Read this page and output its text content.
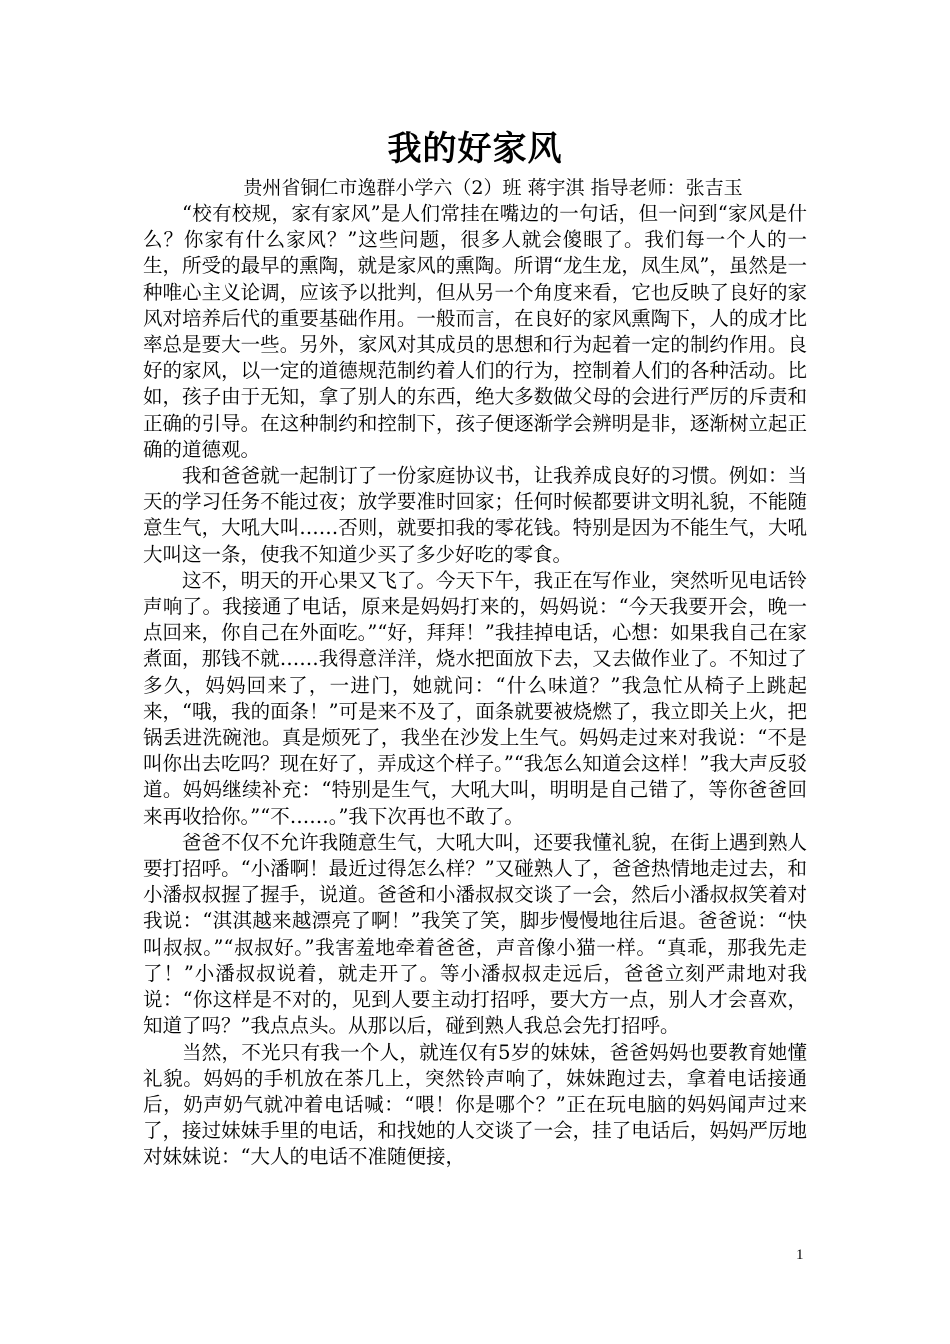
我的好家风
贵州省铜仁市逸群小学六（2）班 蒋宇淇 指导老师：张吉玉

“校有校规，家有家风”是人们常挂在嘴边的一句话，但一问到“家风是什么？你家有什么家风？”这些问题，很多人就会傻眼了。我们每一个人的一生，所受的最早的熏陶，就是家风的熏陶。所谓“龙生龙，凤生凤”，虽然是一种唯心主义论调，应该予以批判，但从另一个角度来看，它也反映了良好的家风对培养后代的重要基础作用。一般而言，在良好的家风熏陶下，人的成才比率总是要大一些。另外，家风对其成员的思想和行为起着一定的制约作用。良好的家风，以一定的道德规范制约着人们的行为，控制着人们的各种活动。比如，孩子由于无知，拿了别人的东西，绝大多数做父母的会进行严厉的斥责和正确的引导。在这种制约和控制下，孩子便逐渐学会辨明是非，逐渐树立起正确的道德观。

我和爸爸就一起制订了一份家庭协议书，让我养成良好的习惯。例如：当天的学习任务不能过夜；放学要准时回家；任何时候都要讲文明礼貌，不能随意生气，大吼大叫……否则，就要扣我的零花钱。特别是因为不能生气，大吼大叫这一条，使我不知道少买了多少好吃的零食。

这不，明天的开心果又飞了。今天下午，我正在写作业，突然听见电话铃声响了。我接通了电话，原来是妈妈打来的，妈妈说：“今天我要开会，晚一点回来，你自己在外面吃。”“好，拜拜！”我挂掉电话，心想：如果我自己在家煮面，那钱不就……我得意洋洋，烧水把面放下去，又去做作业了。不知过了多久，妈妈回来了，一进门，她就问：“什么味道？”我急忙从椅子上跳起来，“哦，我的面条！”可是来不及了，面条就要被烧燃了，我立即关上火，把锅丢进洗碗池。真是烦死了，我坐在沙发上生气。妈妈走过来对我说：“不是叫你出去吃吗？现在好了，弄成这个样子。”“我怎么知道会这样！”我大声反驳道。妈妈继续补充：“特别是生气，大吼大叫，明明是自己错了，等你爸爸回来再收拾你。”“不……。”我下次再也不敢了。

爸爸不仅不允许我随意生气，大吼大叫，还要我懂礼貌，在街上遇到熟人要打招呼。“小潘啊！最近过得怎么样？”又碰熟人了，爸爸热情地走过去，和小潘叔叔握了握手，说道。爸爸和小潘叔叔交谈了一会，然后小潘叔叔笑着对我说：“淇淇越来越漂亮了啊！”我笑了笑，脚步慢慢地往后退。爸爸说：“快叫叔叔。”“叔叔好。”我害羞地牵着爸爸，声音像小猫一样。“真乖，那我先走了！”小潘叔叔说着，就走开了。等小潘叔叔走远后，爸爸立刻严肃地对我说：“你这样是不对的，见到人要主动打招呼，要大方一点，别人才会喜欢，知道了吗？”我点点头。从那以后，碰到熟人我总会先打招呼。

当然，不光只有我一个人，就连仅有5岁的妹妹，爸爸妈妈也要教育她懂礼貌。妈妈的手机放在茶几上，突然铃声响了，妹妹跑过去，拿着电话接通后，奶声奶气就冲着电话喊：“喂！你是哪个？”正在玩电脑的妈妈闻声过来了，接过妹妹手里的电话，和找她的人交谈了一会，挂了电话后，妈妈严厉地对妹妹说：“大人的电话不准随便接，

1
